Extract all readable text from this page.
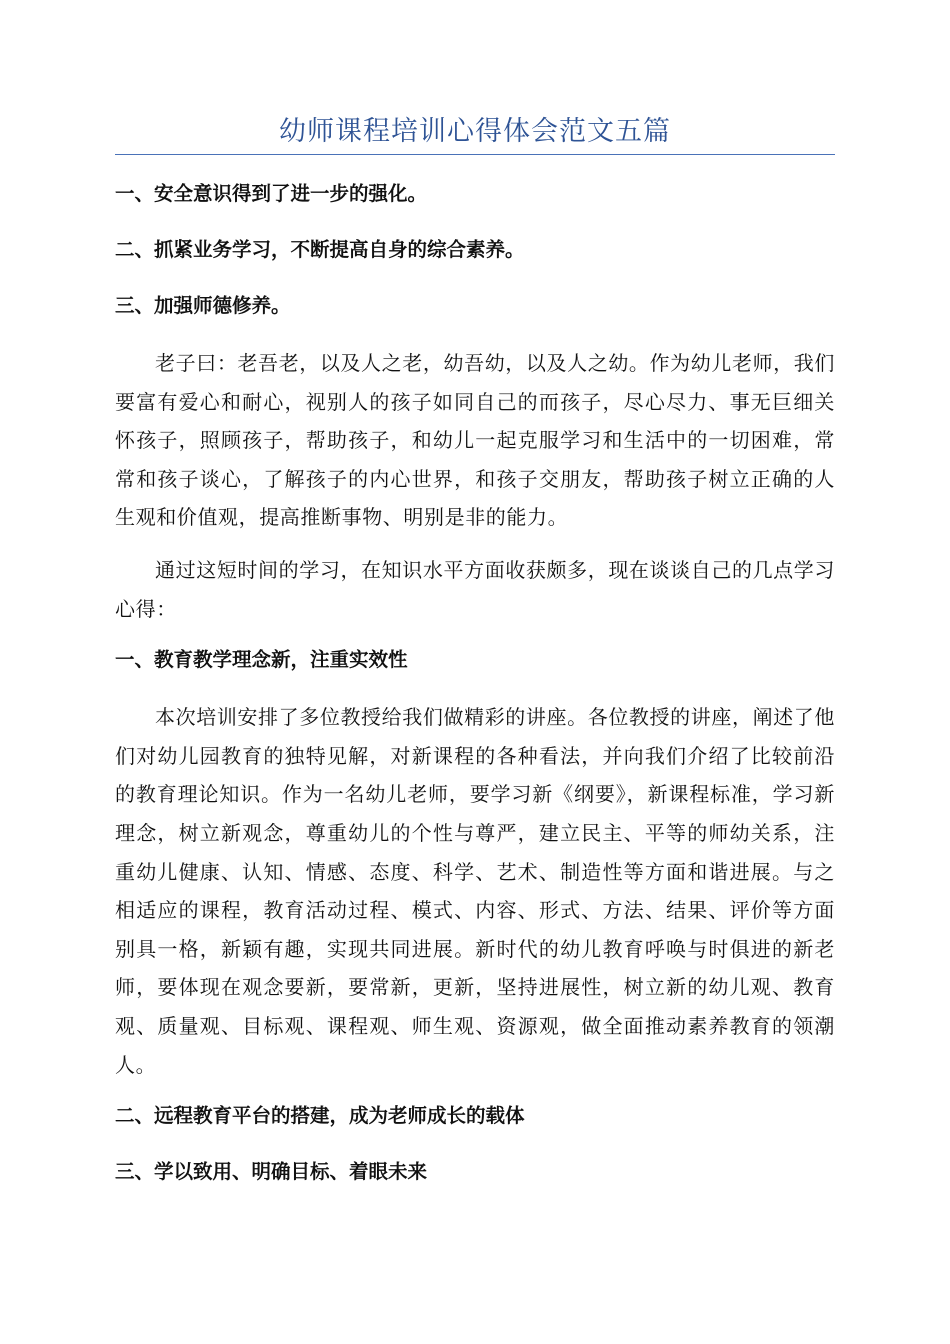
幼师课程培训心得体会范文五篇
一、安全意识得到了进一步的强化。
二、抓紧业务学习，不断提高自身的综合素养。
三、加强师德修养。

老子曰：老吾老，以及人之老，幼吾幼，以及人之幼。作为幼儿老师，我们要富有爱心和耐心，视别人的孩子如同自己的而孩子，尽心尽力、事无巨细关怀孩子，照顾孩子，帮助孩子，和幼儿一起克服学习和生活中的一切困难，常常和孩子谈心，了解孩子的内心世界，和孩子交朋友，帮助孩子树立正确的人生观和价值观，提高推断事物、明别是非的能力。

通过这短时间的学习，在知识水平方面收获颇多，现在谈谈自己的几点学习心得：

一、教育教学理念新，注重实效性

本次培训安排了多位教授给我们做精彩的讲座。各位教授的讲座，阐述了他们对幼儿园教育的独特见解，对新课程的各种看法，并向我们介绍了比较前沿的教育理论知识。作为一名幼儿老师，要学习新《纲要》，新课程标准，学习新理念，树立新观念，尊重幼儿的个性与尊严，建立民主、平等的师幼关系，注重幼儿健康、认知、情感、态度、科学、艺术、制造性等方面和谐进展。与之相适应的课程，教育活动过程、模式、内容、形式、方法、结果、评价等方面别具一格，新颖有趣，实现共同进展。新时代的幼儿教育呼唤与时俱进的新老师，要体现在观念要新，要常新，更新，坚持进展性，树立新的幼儿观、教育观、质量观、目标观、课程观、师生观、资源观，做全面推动素养教育的领潮人。

二、远程教育平台的搭建，成为老师成长的载体
三、学以致用、明确目标、着眼未来
